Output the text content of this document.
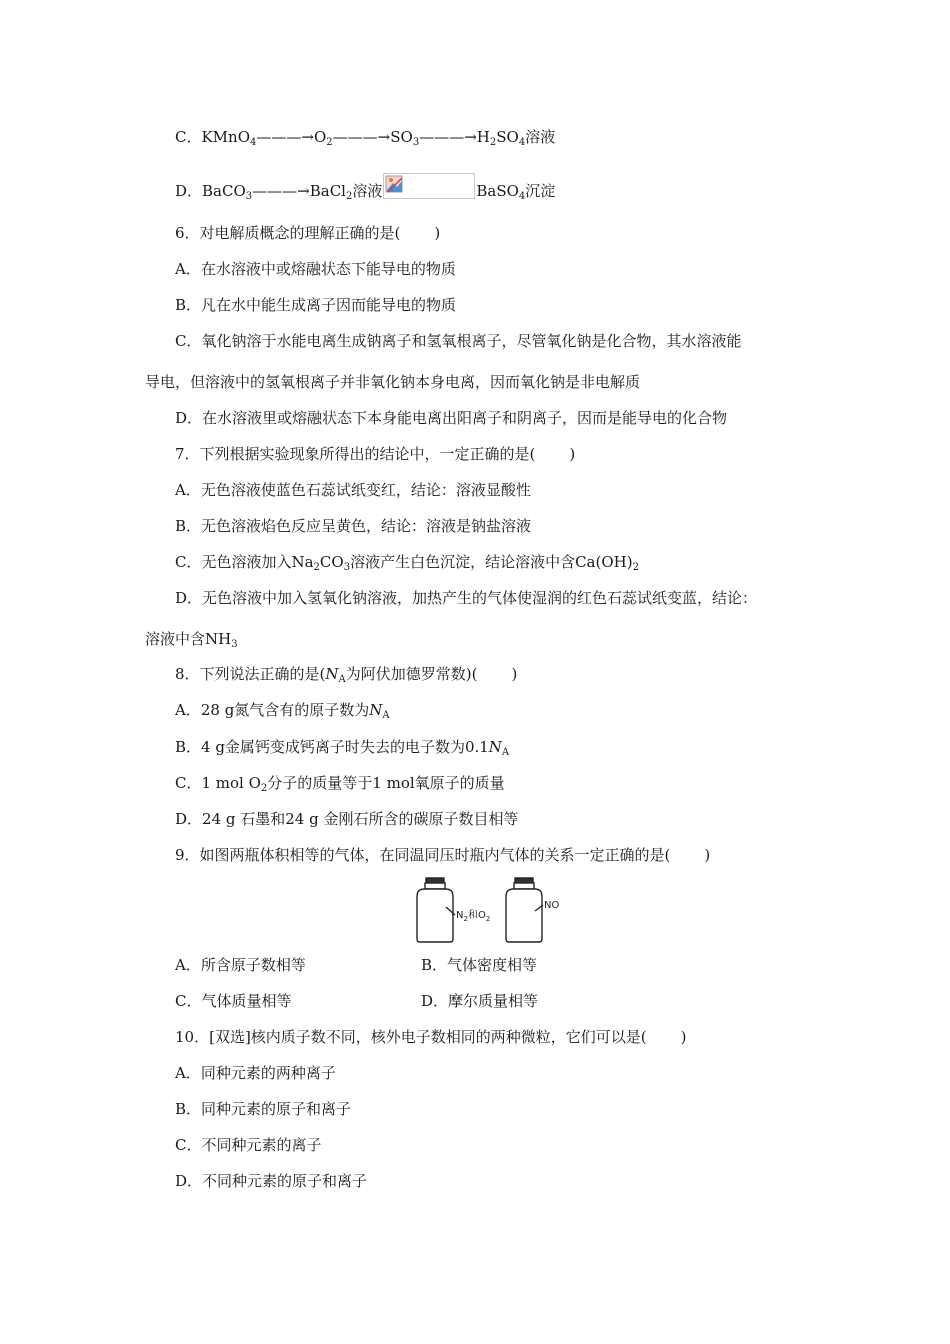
C．$KMnO_4———\to O_2———\to SO_3———\to H_2SO_4$溶液
D．BaCO$_3$———→BaCl$_2$溶液	BaSO$_4$沉淀
6．对电解质概念的理解正确的是( )
A．在水溶液中或熔融状态下能导电的物质
B．凡在水中能生成离子因而能导电的物质
C．氧化钠溶于水能电离生成钠离子和氢氧根离子，尽管氧化钠是化合物，其水溶液能
导电，但溶液中的氢氧根离子并非氧化钠本身电离，因而氧化钠是非电解质
D．在水溶液里或熔融状态下本身能电离出阳离子和阴离子，因而是能导电的化合物
7．下列根据实验现象所得出的结论中，一定正确的是( )
A．无色溶液使蓝色石蕊试纸变红，结论：溶液显酸性
B．无色溶液焰色反应呈黄色，结论：溶液是钠盐溶液
C．无色溶液加入$Na_2CO_3$溶液产生白色沉淀，结论溶液中含$Ca(OH)_2$
D．无色溶液中加入氢氧化钠溶液，加热产生的气体使湿润的红色石蕊试纸变蓝，结论：
溶液中含$NH_3$
8．下列说法正确的是($N_A$为阿伏加德罗常数)( )
A．28 g氮气含有的原子数为$N_A$
B．4 g金属钙变成钙离子时失去的电子数为$0.1N_A$
C．1 mol $O_2$分子的质量等于1 mol氧原子的质量
D．24 g 石墨和24 g 金刚石所含的碳原子数目相等
9．如图两瓶体积相等的气体，在同温同压时瓶内气体的关系一定正确的是( )
$N_2$和$O_2$
NO
A．所含原子数相等	B．气体密度相等
C．气体质量相等	D．摩尔质量相等
10．[双选]核内质子数不同，核外电子数相同的两种微粒，它们可以是( )
A．同种元素的两种离子
B．同种元素的原子和离子
C．不同种元素的离子
D．不同种元素的原子和离子
